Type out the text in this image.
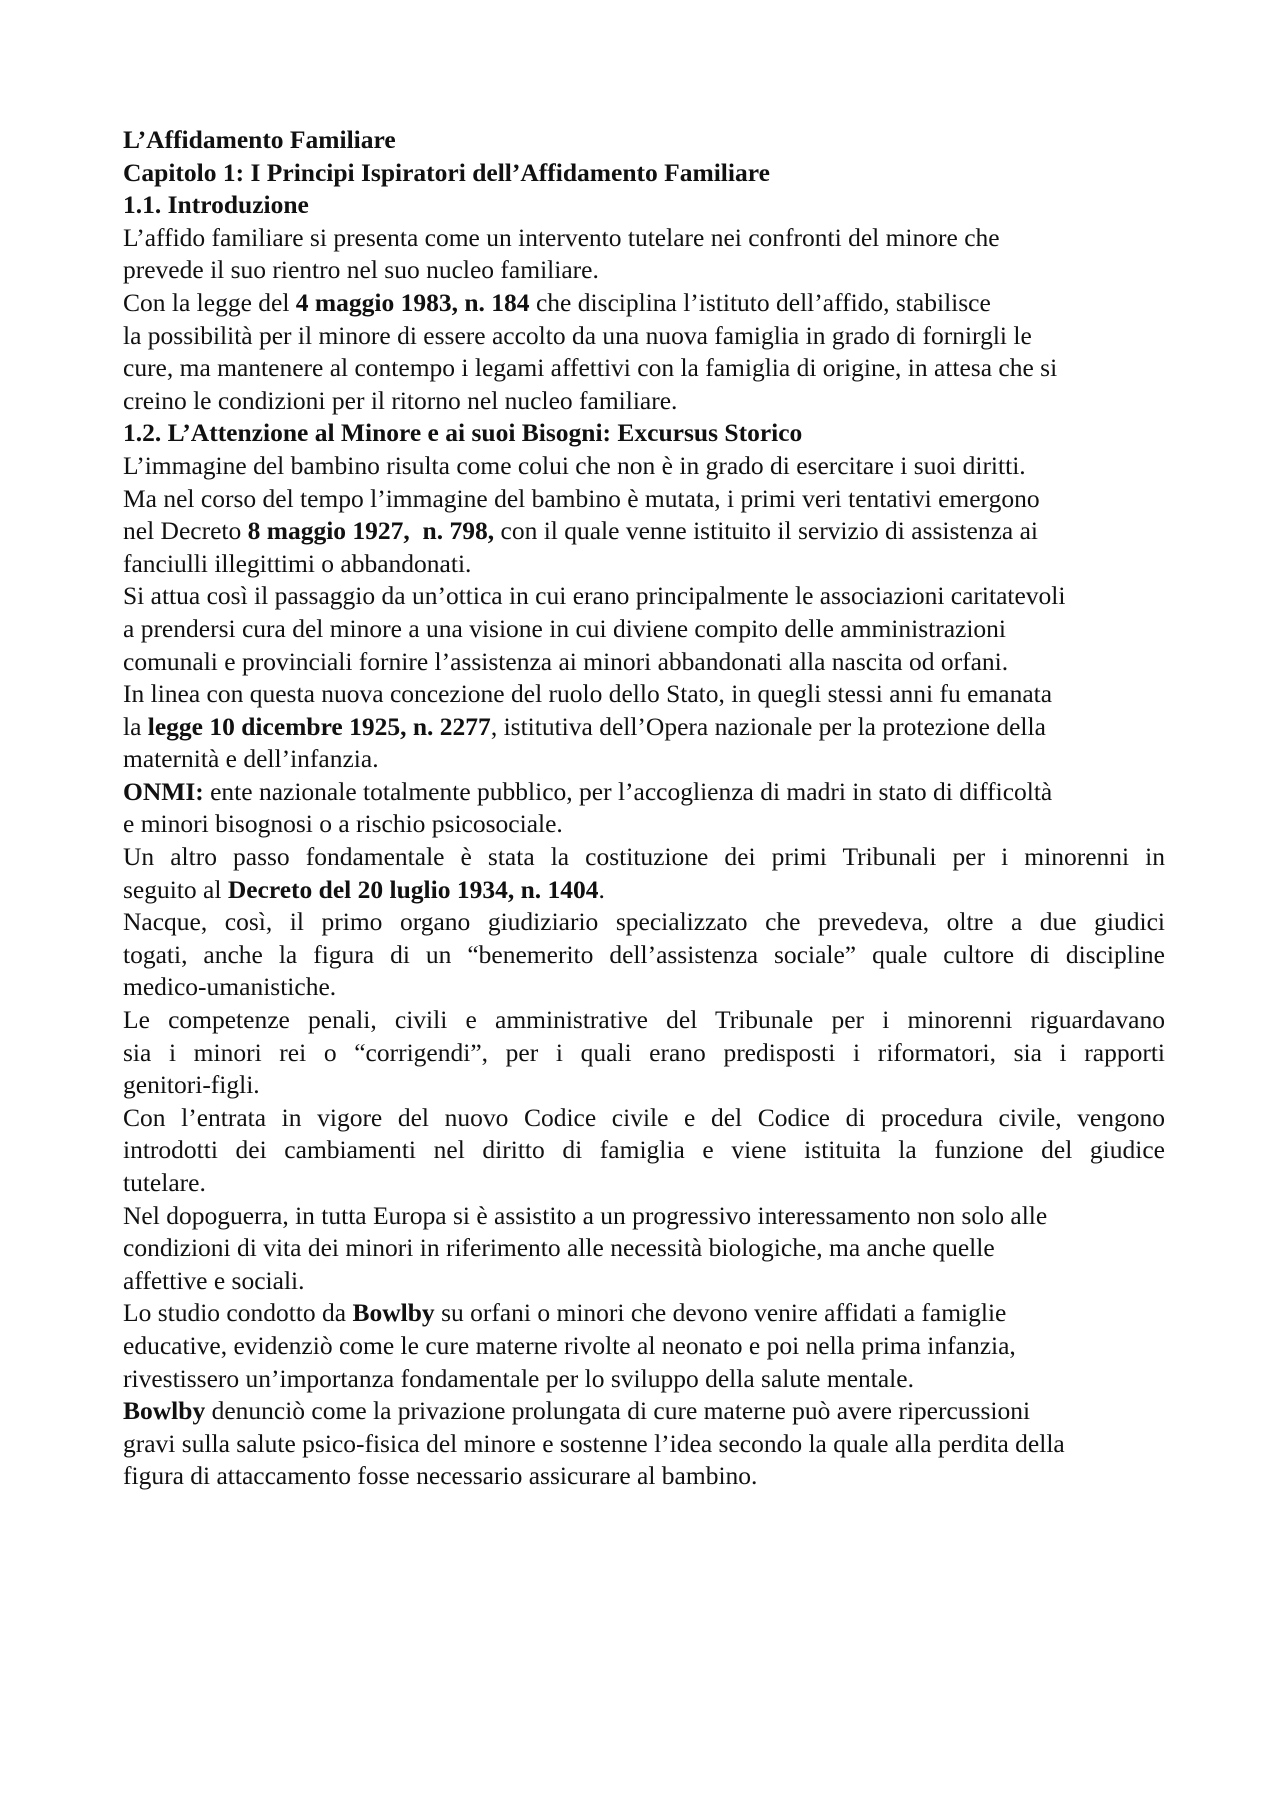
L’Affidamento Familiare
Capitolo 1: I Principi Ispiratori dell’Affidamento Familiare
1.1. Introduzione
L’affido familiare si presenta come un intervento tutelare nei confronti del minore che
prevede il suo rientro nel suo nucleo familiare.
Con la legge del 4 maggio 1983, n. 184 che disciplina l’istituto dell’affido, stabilisce
la possibilità per il minore di essere accolto da una nuova famiglia in grado di fornirgli le
cure, ma mantenere al contempo i legami affettivi con la famiglia di origine, in attesa che si
creino le condizioni per il ritorno nel nucleo familiare.
1.2. L’Attenzione al Minore e ai suoi Bisogni: Excursus Storico
L’immagine del bambino risulta come colui che non è in grado di esercitare i suoi diritti.
Ma nel corso del tempo l’immagine del bambino è mutata, i primi veri tentativi emergono
nel Decreto 8 maggio 1927,  n. 798, con il quale venne istituito il servizio di assistenza ai
fanciulli illegittimi o abbandonati.
Si attua così il passaggio da un’ottica in cui erano principalmente le associazioni caritatevoli
a prendersi cura del minore a una visione in cui diviene compito delle amministrazioni
comunali e provinciali fornire l’assistenza ai minori abbandonati alla nascita od orfani.
In linea con questa nuova concezione del ruolo dello Stato, in quegli stessi anni fu emanata
la legge 10 dicembre 1925, n. 2277, istitutiva dell’Opera nazionale per la protezione della
maternità e dell’infanzia.
ONMI: ente nazionale totalmente pubblico, per l’accoglienza di madri in stato di difficoltà
e minori bisognosi o a rischio psicosociale.
Un altro passo fondamentale è stata la costituzione dei primi Tribunali per i minorenni in
seguito al Decreto del 20 luglio 1934, n. 1404.
Nacque, così, il primo organo giudiziario specializzato che prevedeva, oltre a due giudici
togati, anche la figura di un “benemerito dell’assistenza sociale” quale cultore di discipline
medico-umanistiche.
Le competenze penali, civili e amministrative del Tribunale per i minorenni riguardavano
sia i minori rei o “corrigendi”, per i quali erano predisposti i riformatori, sia i rapporti
genitori-figli.
Con l’entrata in vigore del nuovo Codice civile e del Codice di procedura civile, vengono
introdotti dei cambiamenti nel diritto di famiglia e viene istituita la funzione del giudice
tutelare.
Nel dopoguerra, in tutta Europa si è assistito a un progressivo interessamento non solo alle
condizioni di vita dei minori in riferimento alle necessità biologiche, ma anche quelle
affettive e sociali.
Lo studio condotto da Bowlby su orfani o minori che devono venire affidati a famiglie
educative, evidenziò come le cure materne rivolte al neonato e poi nella prima infanzia,
rivestissero un’importanza fondamentale per lo sviluppo della salute mentale.
Bowlby denunciò come la privazione prolungata di cure materne può avere ripercussioni
gravi sulla salute psico-fisica del minore e sostenne l’idea secondo la quale alla perdita della
figura di attaccamento fosse necessario assicurare al bambino.
